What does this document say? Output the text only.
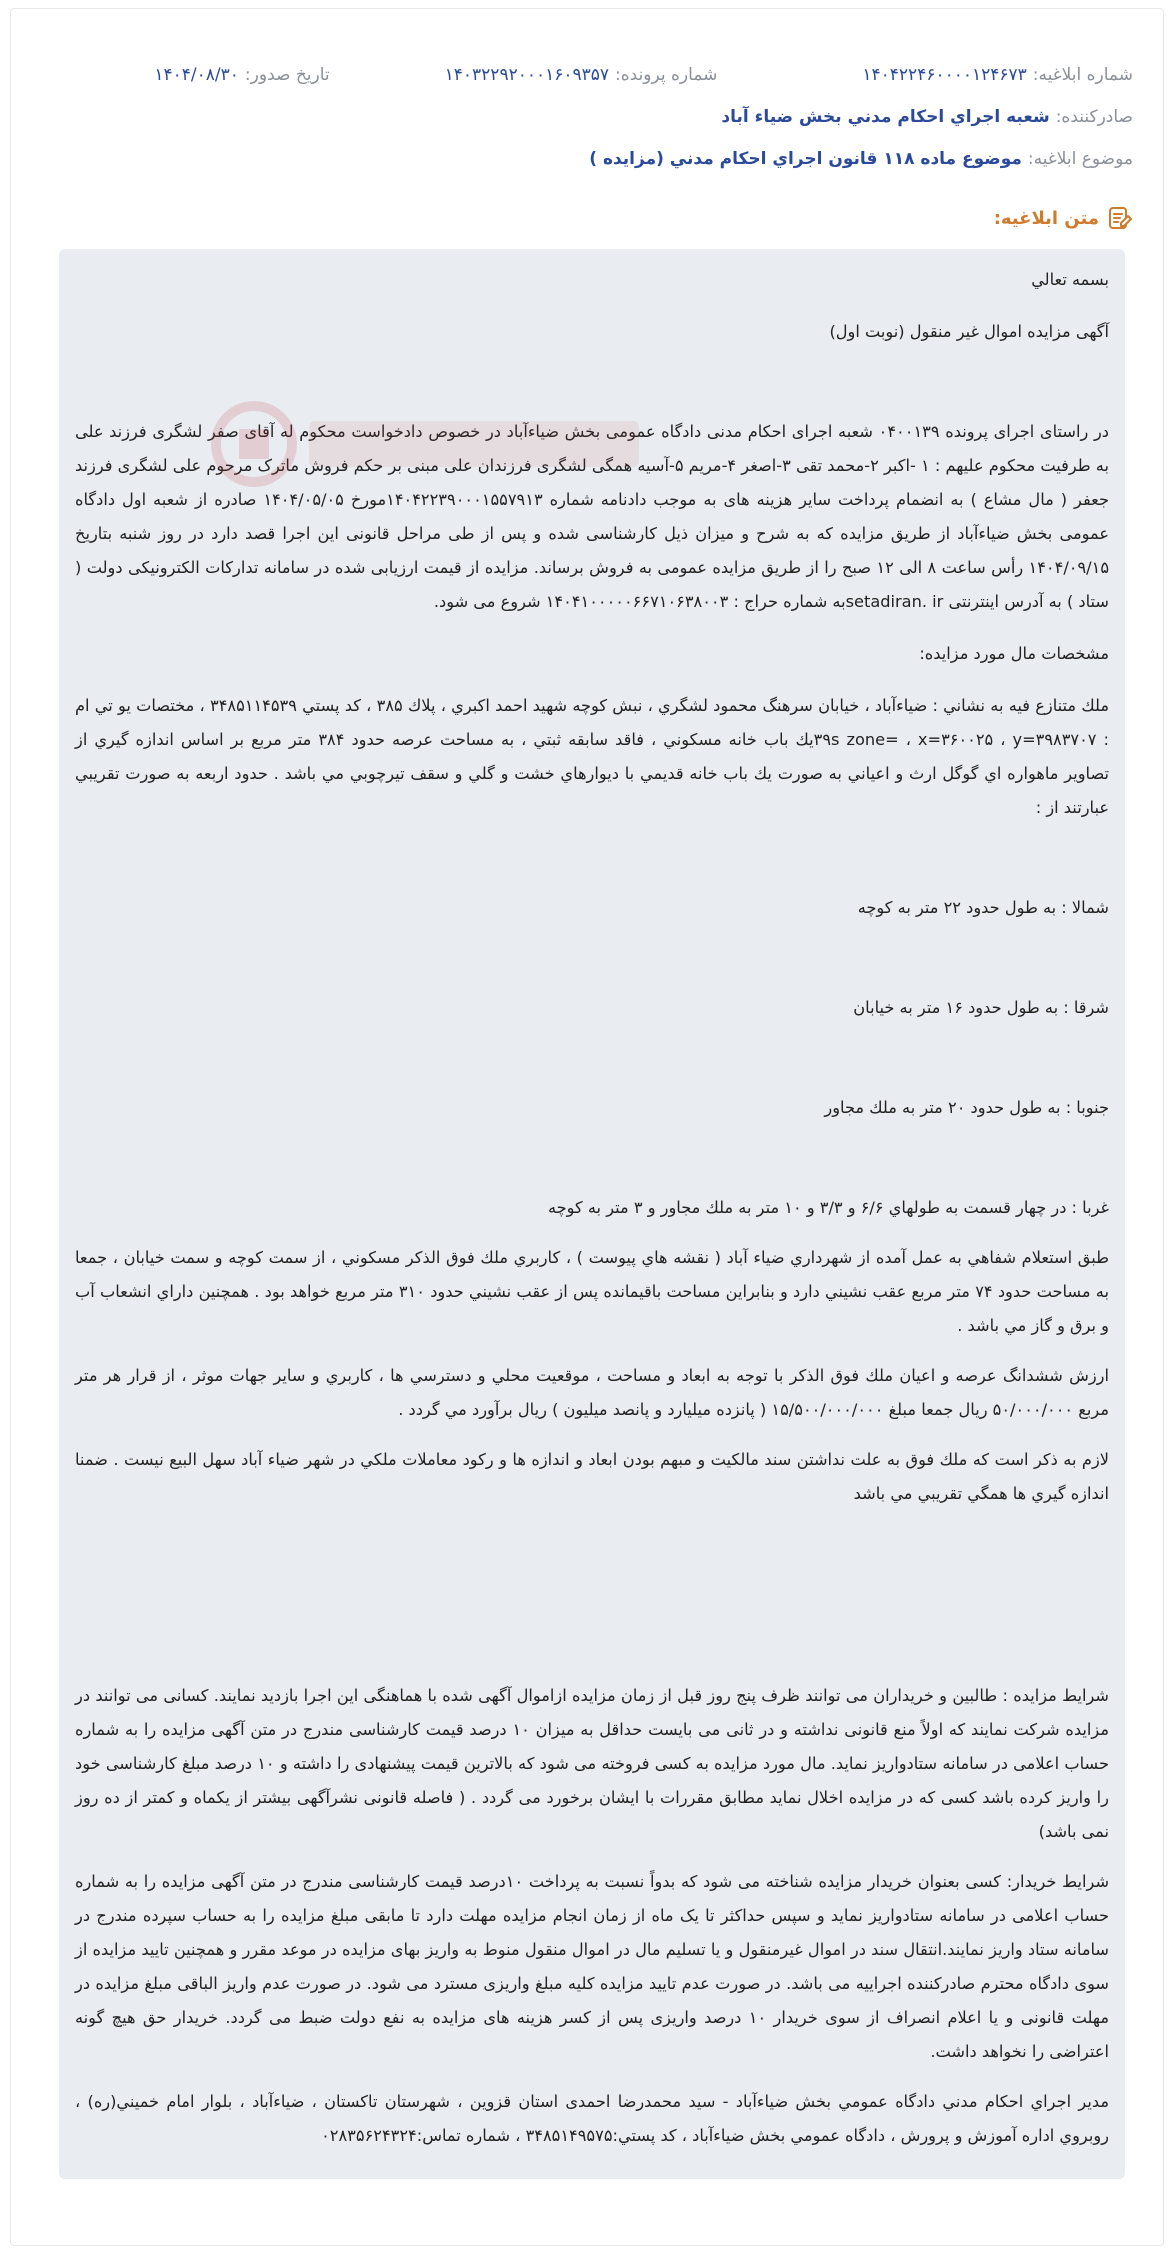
شماره ابلاغیه:
۱۴۰۴۲۲۴۶۰۰۰۰۱۲۴۶۷۳
شماره پرونده:
۱۴۰۳۲۲۹۲۰۰۰۱۶۰۹۳۵۷
تاریخ صدور:
۱۴۰۴/۰۸/۳۰
صادرکننده:
شعبه اجراي احكام مدني بخش ضياء آباد
موضوع ابلاغیه:
موضوع ماده ۱۱۸ قانون اجراي احكام مدني (مزايده )
متن ابلاغیه:

بسمه تعالي

آگهی مزایده اموال غیر منقول (نوبت اول)

در راستای اجرای پرونده ۰۴۰۰۱۳۹ شعبه اجرای احکام مدنی دادگاه عمومی بخش ضیاءآباد در خصوص دادخواست محکوم له آقای صفر لشگری فرزند علی به طرفیت محکوم علیهم : ۱ -اکبر ۲-محمد تقی ۳-اصغر ۴-مریم ۵-آسیه همگی لشگری فرزندان علی مبنی بر حکم فروش ماترک مرحوم علی لشگری فرزند جعفر ( مال مشاع ) به انضمام پرداخت سایر هزینه های به موجب دادنامه شماره ۱۴۰۴۲۲۳۹۰۰۰۱۵۵۷۹۱۳مورخ ۱۴۰۴/۰۵/۰۵ صادره از شعبه اول دادگاه عمومی بخش ضیاءآباد از طریق مزایده که به شرح و میزان ذیل کارشناسی شده و پس از طی مراحل قانونی این اجرا قصد دارد در روز شنبه بتاریخ ۱۴۰۴/۰۹/۱۵ رأس ساعت ۸ الی ۱۲ صبح را از طریق مزایده عمومی به فروش برساند. مزایده از قیمت ارزیابی شده در سامانه تدارکات الکترونیکی دولت ( ستاد ) به آدرس اینترنتی setadiran. irبه شماره حراج : ۱۴۰۴۱۰۰۰۰۰۶۶۷۱۰۶۳۸۰۰۳ شروع می شود.

مشخصات مال مورد مزایده:

ملك متنازع فيه به نشاني : ضياءآباد ، خيابان سرهنگ محمود لشگري ، نبش كوچه شهيد احمد اكبري ، پلاك ۳۸۵ ، كد پستي ۳۴۸۵۱۱۴۵۳۹ ، مختصات يو تي ام : ۳۹s zone= ، x=۳۶۰۰۲۵ ، y=۳۹۸۳۷۰۷يك باب خانه مسكوني ، فاقد سابقه ثبتي ، به مساحت عرصه حدود ۳۸۴ متر مربع بر اساس اندازه گيري از تصاوير ماهواره اي گوگل ارث و اعياني به صورت يك باب خانه قديمي با ديوارهاي خشت و گلي و سقف تيرچوبي مي باشد . حدود اربعه به صورت تقريبي عبارتند از :

شمالا : به طول حدود ۲۲ متر به كوچه

شرقا : به طول حدود ۱۶ متر به خيابان

جنوبا : به طول حدود ۲۰ متر به ملك مجاور

غربا : در چهار قسمت به طولهاي ۶/۶ و ۳/۳ و ۱۰ متر به ملك مجاور و ۳ متر به كوچه

طبق استعلام شفاهي به عمل آمده از شهرداري ضياء آباد ( نقشه هاي پيوست ) ، كاربري ملك فوق الذكر مسكوني ، از سمت كوچه و سمت خيابان ، جمعا به مساحت حدود ۷۴ متر مربع عقب نشيني دارد و بنابراين مساحت باقيمانده پس از عقب نشيني حدود ۳۱۰ متر مربع خواهد بود . همچنين داراي انشعاب آب و برق و گاز مي باشد .

ارزش ششدانگ عرصه و اعيان ملك فوق الذكر با توجه به ابعاد و مساحت ، موقعيت محلي و دسترسي ها ، كاربري و ساير جهات موثر ، از قرار هر متر مربع ۵۰/۰۰۰/۰۰۰ ريال جمعا مبلغ ۱۵/۵۰۰/۰۰۰/۰۰۰ ( پانزده ميليارد و پانصد ميليون ) ريال برآورد مي گردد .

لازم به ذكر است كه ملك فوق به علت نداشتن سند مالكيت و مبهم بودن ابعاد و اندازه ها و ركود معاملات ملكي در شهر ضياء آباد سهل البيع نيست . ضمنا اندازه گيري ها همگي تقريبي مي باشد

شرايط مزايده : طالبین و خریداران می توانند ظرف پنج روز قبل از زمان مزایده ازاموال آگهی شده با هماهنگی این اجرا بازدید نمایند. کسانی می توانند در مزایده شرکت نمایند که اولاً منع قانونی نداشته و در ثانی می بایست حداقل به میزان ۱۰ درصد قیمت کارشناسی مندرج در متن آگهی مزایده را به شماره حساب اعلامی در سامانه ستادواریز نماید. مال مورد مزایده به کسی فروخته می شود که بالاترین قیمت پیشنهادی را داشته و ۱۰ درصد مبلغ کارشناسی خود را واریز کرده باشد کسی که در مزایده اخلال نماید مطابق مقررات با ایشان برخورد می گردد . ( فاصله قانونی نشرآگهی بیشتر از یکماه و کمتر از ده روز نمی باشد)

شرايط خريدار: کسی بعنوان خریدار مزایده شناخته می شود که بدواً نسبت به پرداخت ۱۰درصد قیمت کارشناسی مندرج در متن آگهی مزایده را به شماره حساب اعلامی در سامانه ستادواریز نماید و سپس حداکثر تا یک ماه از زمان انجام مزایده مهلت دارد تا مابقی مبلغ مزایده را به حساب سپرده مندرج در سامانه ستاد واریز نمایند.انتقال سند در اموال غیرمنقول و یا تسلیم مال در اموال منقول منوط به واریز بهای مزایده در موعد مقرر و همچنین تایید مزایده از سوی دادگاه محترم صادرکننده اجراییه می باشد. در صورت عدم تایید مزایده کلیه مبلغ واریزی مسترد می شود. در صورت عدم واریز الباقی مبلغ مزایده در مهلت قانونی و یا اعلام انصراف از سوی خریدار ۱۰ درصد واریزی پس از کسر هزینه های مزایده به نفع دولت ضبط می گردد. خریدار حق هیچ گونه اعتراضی را نخواهد داشت.

مدير اجراي احكام مدني دادگاه عمومي بخش ضياءآباد - سید محمدرضا احمدی استان قزوين ، شهرستان تاكستان ، ضياءآباد ، بلوار امام خميني(ره) ، روبروي اداره آموزش و پرورش ، دادگاه عمومي بخش ضياءآباد ، كد پستي:۳۴۸۵۱۴۹۵۷۵ ، شماره تماس:۰۲۸۳۵۶۲۴۳۲۴
